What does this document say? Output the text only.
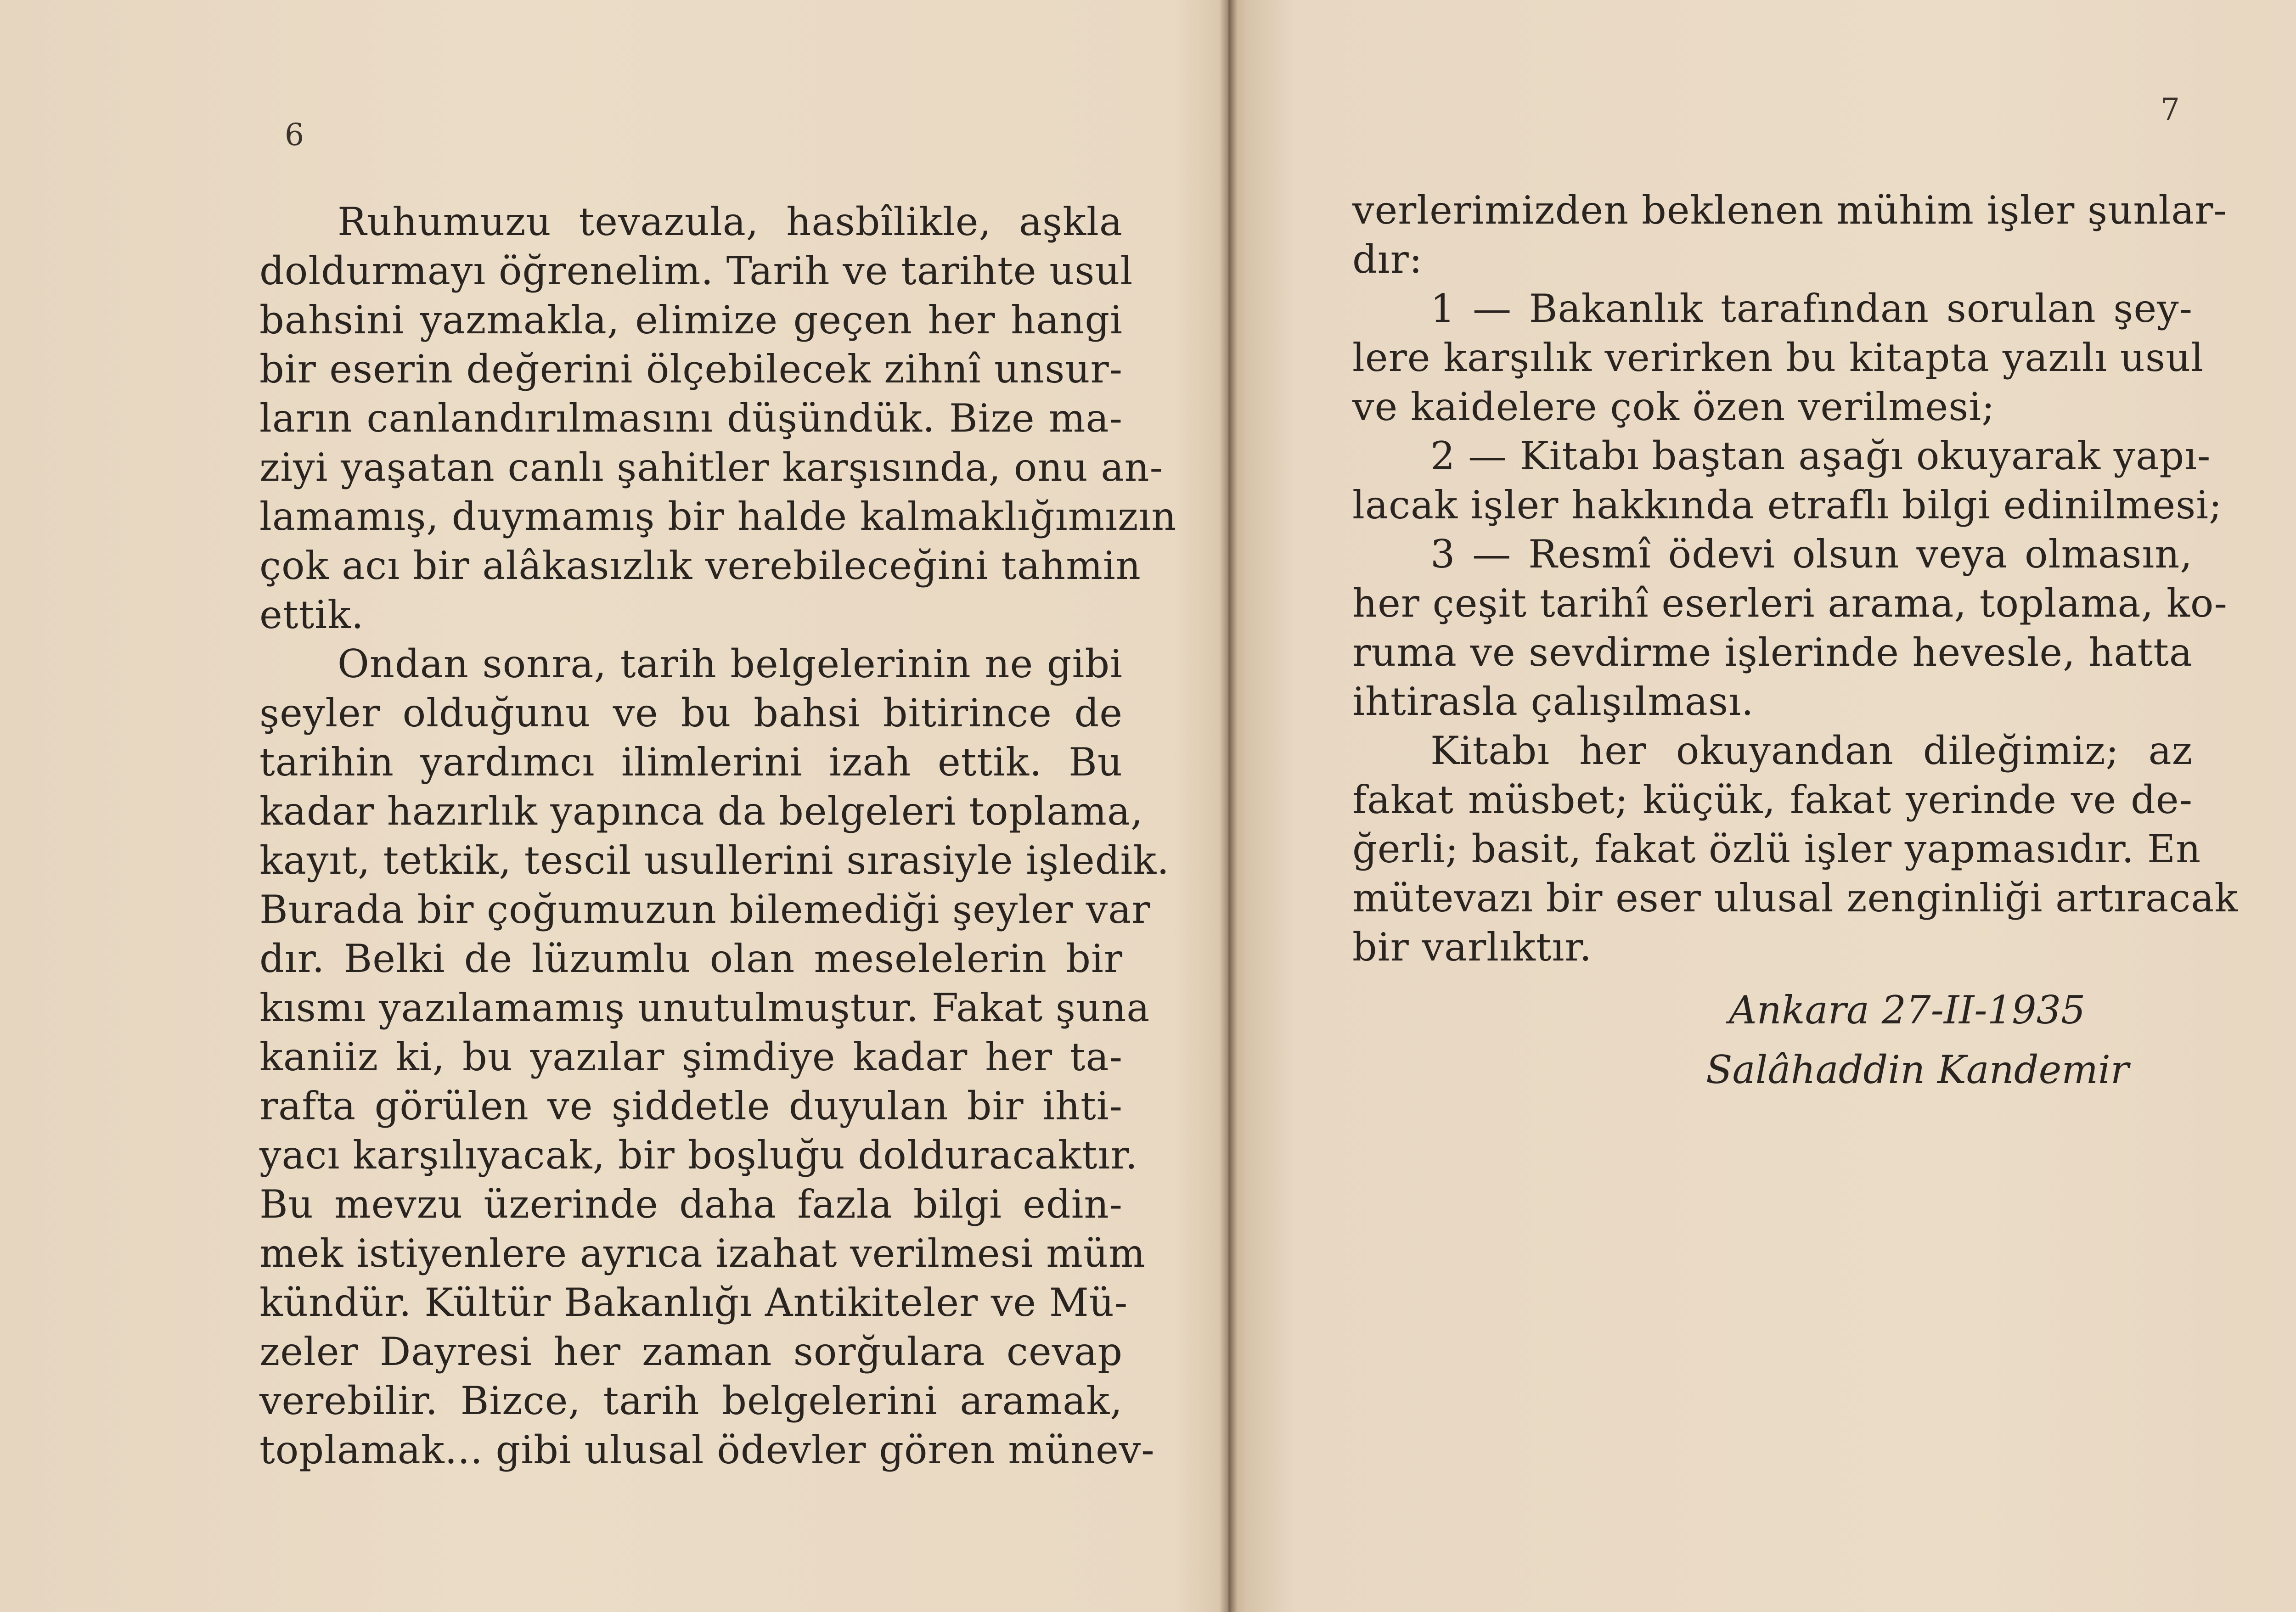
6
Ruhumuzu tevazula, hasbîlikle, aşkla
doldurmayı öğrenelim. Tarih ve tarihte usul
bahsini yazmakla, elimize geçen her hangi
bir eserin değerini ölçebilecek zihnî unsur-
ların canlandırılmasını düşündük. Bize ma-
ziyi yaşatan canlı şahitler karşısında, onu an-
lamamış, duymamış bir halde kalmaklığımızın
çok acı bir alâkasızlık verebileceğini tahmin
ettik.
Ondan sonra, tarih belgelerinin ne gibi
şeyler olduğunu ve bu bahsi bitirince de
tarihin yardımcı ilimlerini izah ettik. Bu
kadar hazırlık yapınca da belgeleri toplama,
kayıt, tetkik, tescil usullerini sırasiyle işledik.
Burada bir çoğumuzun bilemediği şeyler var
dır. Belki de lüzumlu olan meselelerin bir
kısmı yazılamamış unutulmuştur. Fakat şuna
kaniiz ki, bu yazılar şimdiye kadar her ta-
rafta görülen ve şiddetle duyulan bir ihti-
yacı karşılıyacak, bir boşluğu dolduracaktır.
Bu mevzu üzerinde daha fazla bilgi edin-
mek istiyenlere ayrıca izahat verilmesi müm
kündür. Kültür Bakanlığı Antikiteler ve Mü-
zeler Dayresi her zaman sorğulara cevap
verebilir. Bizce, tarih belgelerini aramak,
toplamak... gibi ulusal ödevler gören münev-
7
verlerimizden beklenen mühim işler şunlar-
dır:
1 — Bakanlık tarafından sorulan şey-
lere karşılık verirken bu kitapta yazılı usul
ve kaidelere çok özen verilmesi;
2 — Kitabı baştan aşağı okuyarak yapı-
lacak işler hakkında etraflı bilgi edinilmesi;
3 — Resmî ödevi olsun veya olmasın,
her çeşit tarihî eserleri arama, toplama, ko-
ruma ve sevdirme işlerinde hevesle, hatta
ihtirasla çalışılması.
Kitabı her okuyandan dileğimiz; az
fakat müsbet; küçük, fakat yerinde ve de-
ğerli; basit, fakat özlü işler yapmasıdır. En
mütevazı bir eser ulusal zenginliği artıracak
bir varlıktır.
Ankara 27-II-1935
Salâhaddin Kandemir
